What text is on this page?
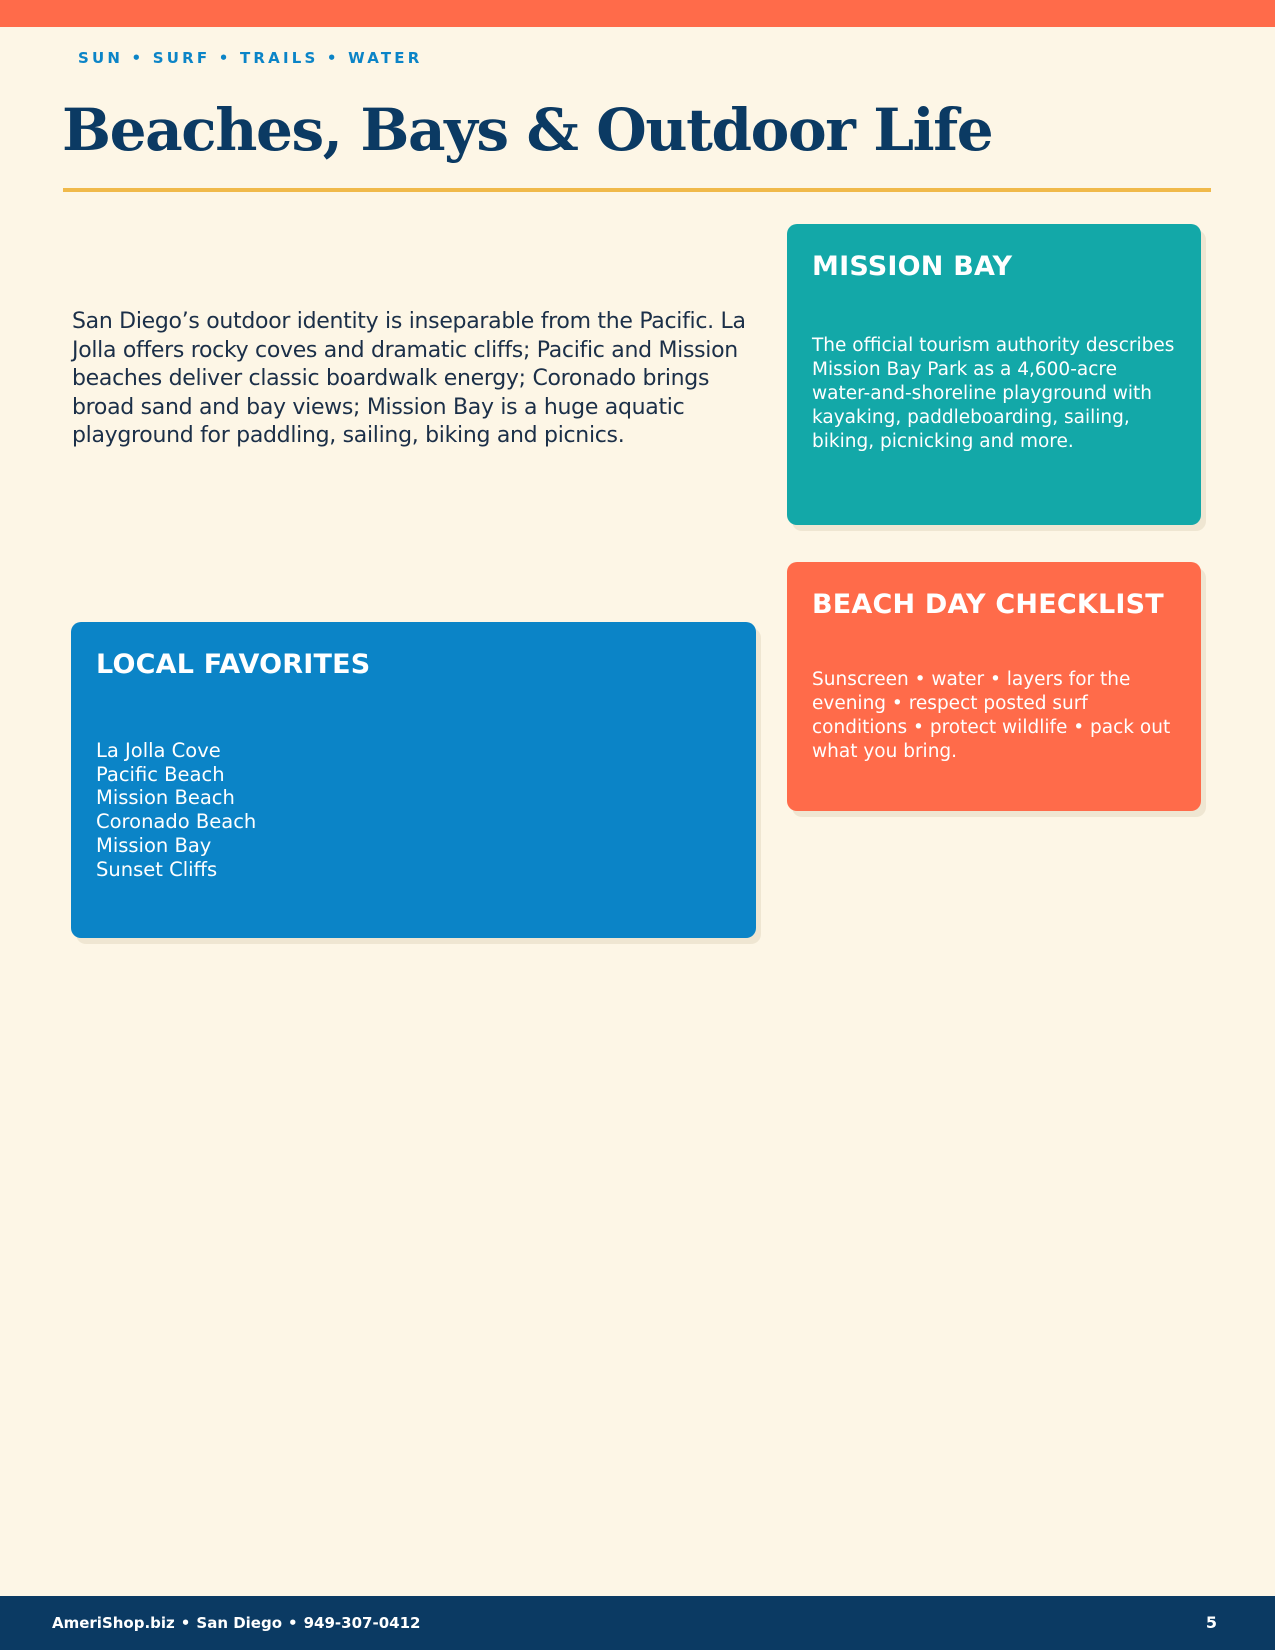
SUN • SURF • TRAILS • WATER
Beaches, Bays & Outdoor Life

San Diego’s outdoor identity is inseparable from the Pacific. La Jolla offers rocky coves and dramatic cliffs; Pacific and Mission beaches deliver classic boardwalk energy; Coronado brings broad sand and bay views; Mission Bay is a huge aquatic playground for paddling, sailing, biking and picnics.

MISSION BAY

The official tourism authority describes Mission Bay Park as a 4,600-acre water-and-shoreline playground with kayaking, paddleboarding, sailing, biking, picnicking and more.

BEACH DAY CHECKLIST

Sunscreen • water • layers for the evening • respect posted surf conditions • protect wildlife • pack out what you bring.

LOCAL FAVORITES
La Jolla Cove
Pacific Beach
Mission Beach
Coronado Beach
Mission Bay
Sunset Cliffs
AmeriShop.biz • San Diego • 949-307-0412	5
